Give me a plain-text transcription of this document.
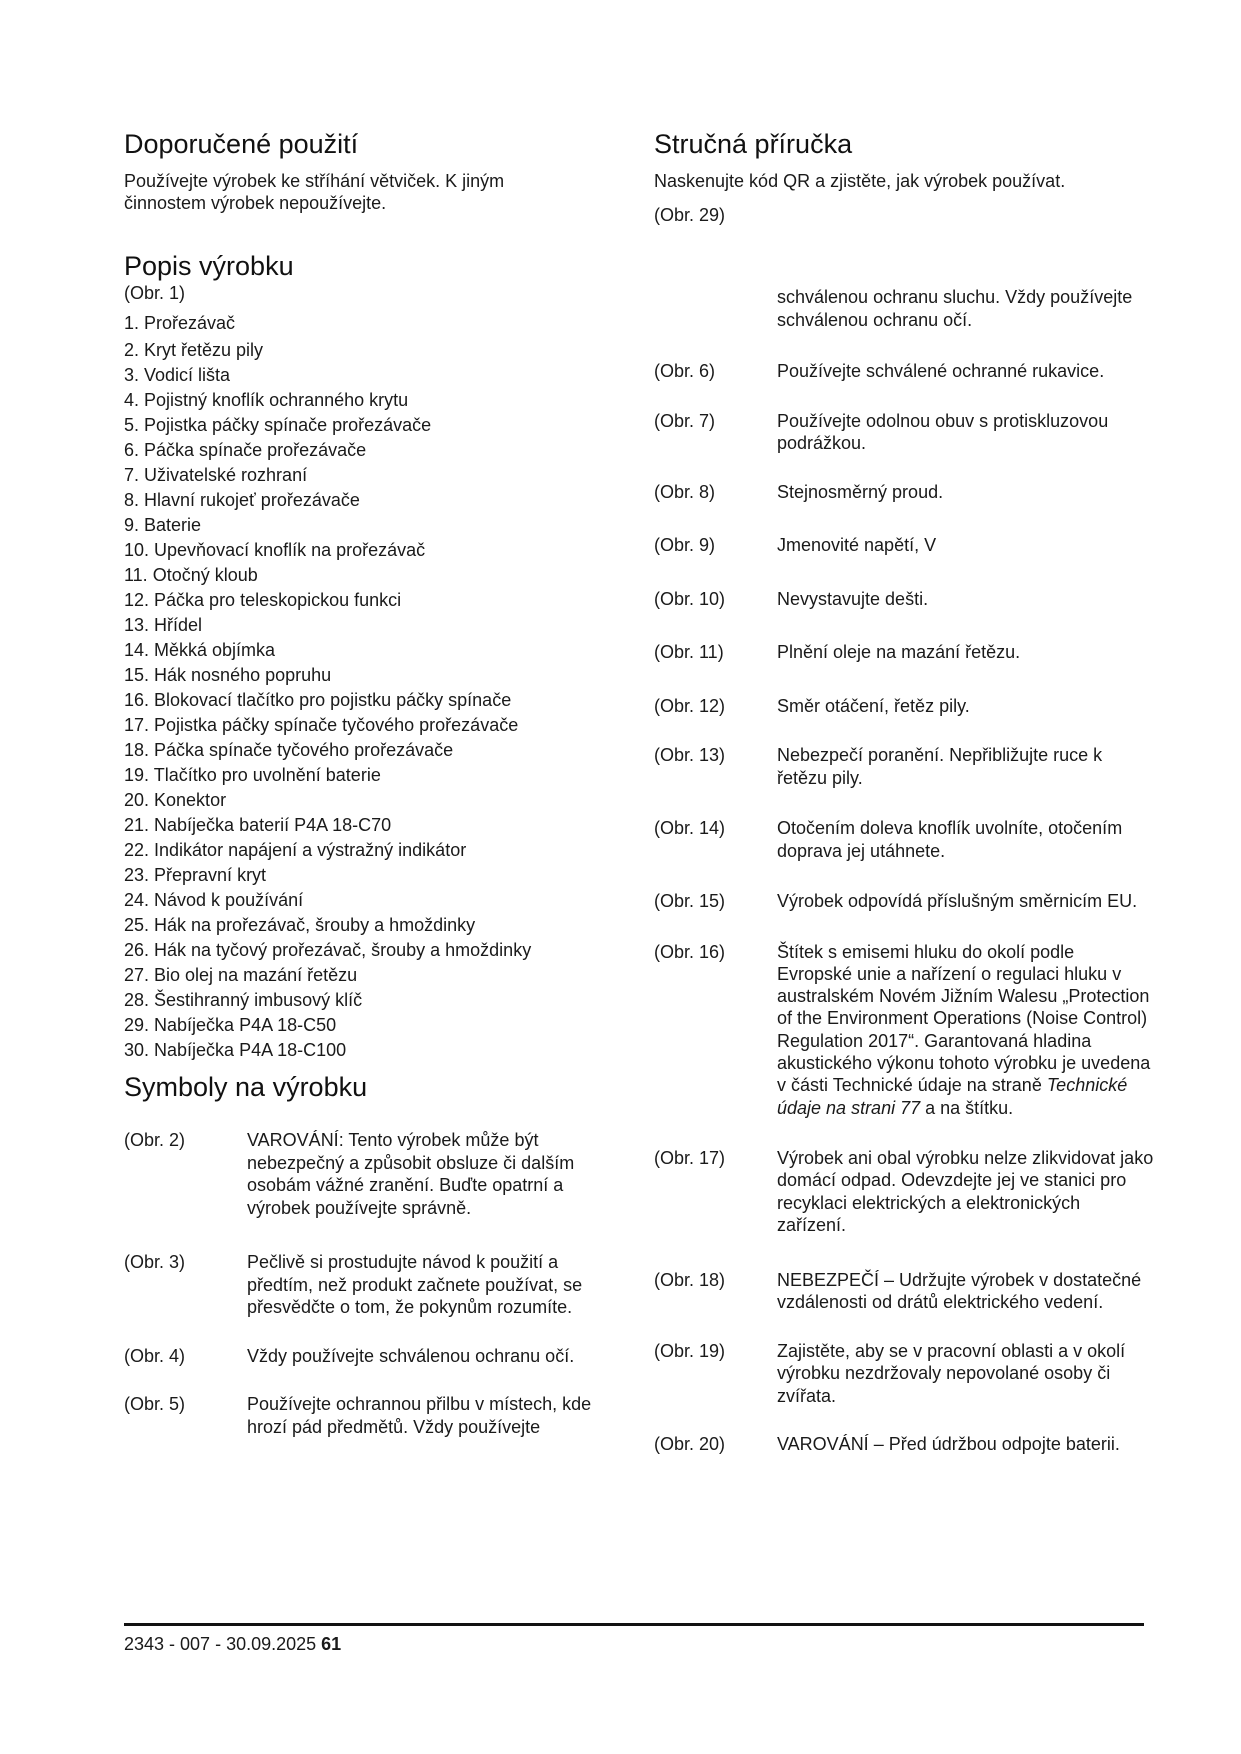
Doporučené použití

Používejte výrobek ke stříhání větviček. K jiným činnostem výrobek nepoužívejte.

Popis výrobku

(Obr. 1)

1. Prořezávač
2. Kryt řetězu pily
3. Vodicí lišta
4. Pojistný knoflík ochranného krytu
5. Pojistka páčky spínače prořezávače
6. Páčka spínače prořezávače
7. Uživatelské rozhraní
8. Hlavní rukojeť prořezávače
9. Baterie
10. Upevňovací knoflík na prořezávač
11. Otočný kloub
12. Páčka pro teleskopickou funkci
13. Hřídel
14. Měkká objímka
15. Hák nosného popruhu
16. Blokovací tlačítko pro pojistku páčky spínače
17. Pojistka páčky spínače tyčového prořezávače
18. Páčka spínače tyčového prořezávače
19. Tlačítko pro uvolnění baterie
20. Konektor
21. Nabíječka baterií P4A 18-C70
22. Indikátor napájení a výstražný indikátor
23. Přepravní kryt
24. Návod k používání
25. Hák na prořezávač, šrouby a hmoždinky
26. Hák na tyčový prořezávač, šrouby a hmoždinky
27. Bio olej na mazání řetězu
28. Šestihranný imbusový klíč
29. Nabíječka P4A 18-C50
30. Nabíječka P4A 18-C100
Symboly na výrobku
(Obr. 2)	VAROVÁNÍ: Tento výrobek může být nebezpečný a způsobit obsluze či dalším osobám vážné zranění. Buďte opatrní a výrobek používejte správně.
(Obr. 3)	Pečlivě si prostudujte návod k použití a předtím, než produkt začnete používat, se přesvědčte o tom, že pokynům rozumíte.
(Obr. 4)	Vždy používejte schválenou ochranu očí.
(Obr. 5)	Používejte ochrannou přilbu v místech, kde hrozí pád předmětů. Vždy používejte
Stručná příručka

Naskenujte kód QR a zjistěte, jak výrobek používat.

(Obr. 29)

schválenou ochranu sluchu. Vždy používejte schválenou ochranu očí.
(Obr. 6)	Používejte schválené ochranné rukavice.
(Obr. 7)	Používejte odolnou obuv s protiskluzovou podrážkou.
(Obr. 8)	Stejnosměrný proud.
(Obr. 9)	Jmenovité napětí, V
(Obr. 10)	Nevystavujte dešti.
(Obr. 11)	Plnění oleje na mazání řetězu.
(Obr. 12)	Směr otáčení, řetěz pily.
(Obr. 13)	Nebezpečí poranění. Nepřibližujte ruce k řetězu pily.
(Obr. 14)	Otočením doleva knoflík uvolníte, otočením doprava jej utáhnete.
(Obr. 15)	Výrobek odpovídá příslušným směrnicím EU.
(Obr. 16)	Štítek s emisemi hluku do okolí podle Evropské unie a nařízení o regulaci hluku v australském Novém Jižním Walesu „Protection of the Environment Operations (Noise Control) Regulation 2017“. Garantovaná hladina akustického výkonu tohoto výrobku je uvedena v části Technické údaje na straně Technické údaje na strani 77 a na štítku.
(Obr. 17)	Výrobek ani obal výrobku nelze zlikvidovat jako domácí odpad. Odevzdejte jej ve stanici pro recyklaci elektrických a elektronických zařízení.
(Obr. 18)	NEBEZPEČÍ – Udržujte výrobek v dostatečné vzdálenosti od drátů elektrického vedení.
(Obr. 19)	Zajistěte, aby se v pracovní oblasti a v okolí výrobku nezdržovaly nepovolané osoby či zvířata.
(Obr. 20)	VAROVÁNÍ – Před údržbou odpojte baterii.
2343 - 007 - 30.09.2025 61
